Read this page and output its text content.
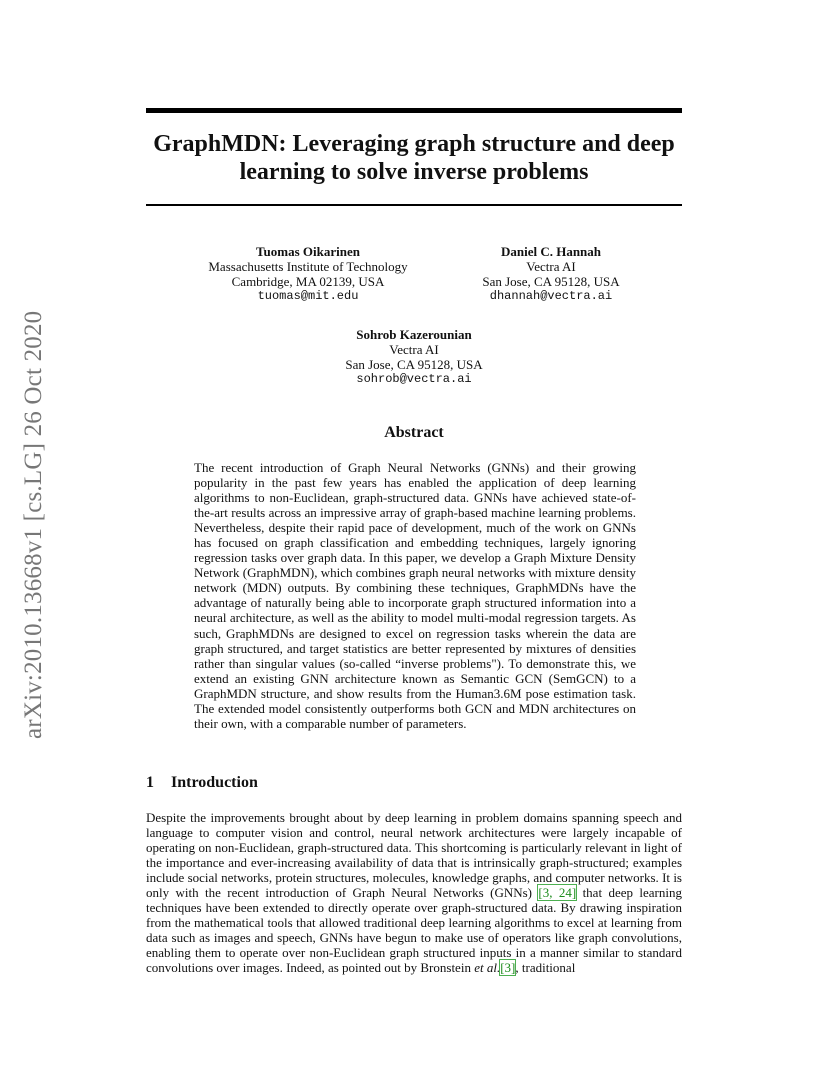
arXiv:2010.13668v1 [cs.LG] 26 Oct 2020
GraphMDN: Leveraging graph structure and deep learning to solve inverse problems
Tuomas Oikarinen
Massachusetts Institute of Technology
Cambridge, MA 02139, USA
tuomas@mit.edu
Daniel C. Hannah
Vectra AI
San Jose, CA 95128, USA
dhannah@vectra.ai
Sohrob Kazerounian
Vectra AI
San Jose, CA 95128, USA
sohrob@vectra.ai
Abstract
The recent introduction of Graph Neural Networks (GNNs) and their growing popularity in the past few years has enabled the application of deep learning algorithms to non-Euclidean, graph-structured data. GNNs have achieved state-of-the-art results across an impressive array of graph-based machine learning problems. Nevertheless, despite their rapid pace of development, much of the work on GNNs has focused on graph classification and embedding techniques, largely ignoring regression tasks over graph data. In this paper, we develop a Graph Mixture Density Network (GraphMDN), which combines graph neural networks with mixture density network (MDN) outputs. By combining these techniques, GraphMDNs have the advantage of naturally being able to incorporate graph structured information into a neural architecture, as well as the ability to model multi-modal regression targets. As such, GraphMDNs are designed to excel on regression tasks wherein the data are graph structured, and target statistics are better represented by mixtures of densities rather than singular values (so-called “inverse problems"). To demonstrate this, we extend an existing GNN architecture known as Semantic GCN (SemGCN) to a GraphMDN structure, and show results from the Human3.6M pose estimation task. The extended model consistently outperforms both GCN and MDN architectures on their own, with a comparable number of parameters.
1 Introduction
Despite the improvements brought about by deep learning in problem domains spanning speech and language to computer vision and control, neural network architectures were largely incapable of operating on non-Euclidean, graph-structured data. This shortcoming is particularly relevant in light of the importance and ever-increasing availability of data that is intrinsically graph-structured; examples include social networks, protein structures, molecules, knowledge graphs, and computer networks. It is only with the recent introduction of Graph Neural Networks (GNNs) [3, 24] that deep learning techniques have been extended to directly operate over graph-structured data. By drawing inspiration from the mathematical tools that allowed traditional deep learning algorithms to excel at learning from data such as images and speech, GNNs have begun to make use of operators like graph convolutions, enabling them to operate over non-Euclidean graph structured inputs in a manner similar to standard convolutions over images. Indeed, as pointed out by Bronstein et al.[3], traditional
